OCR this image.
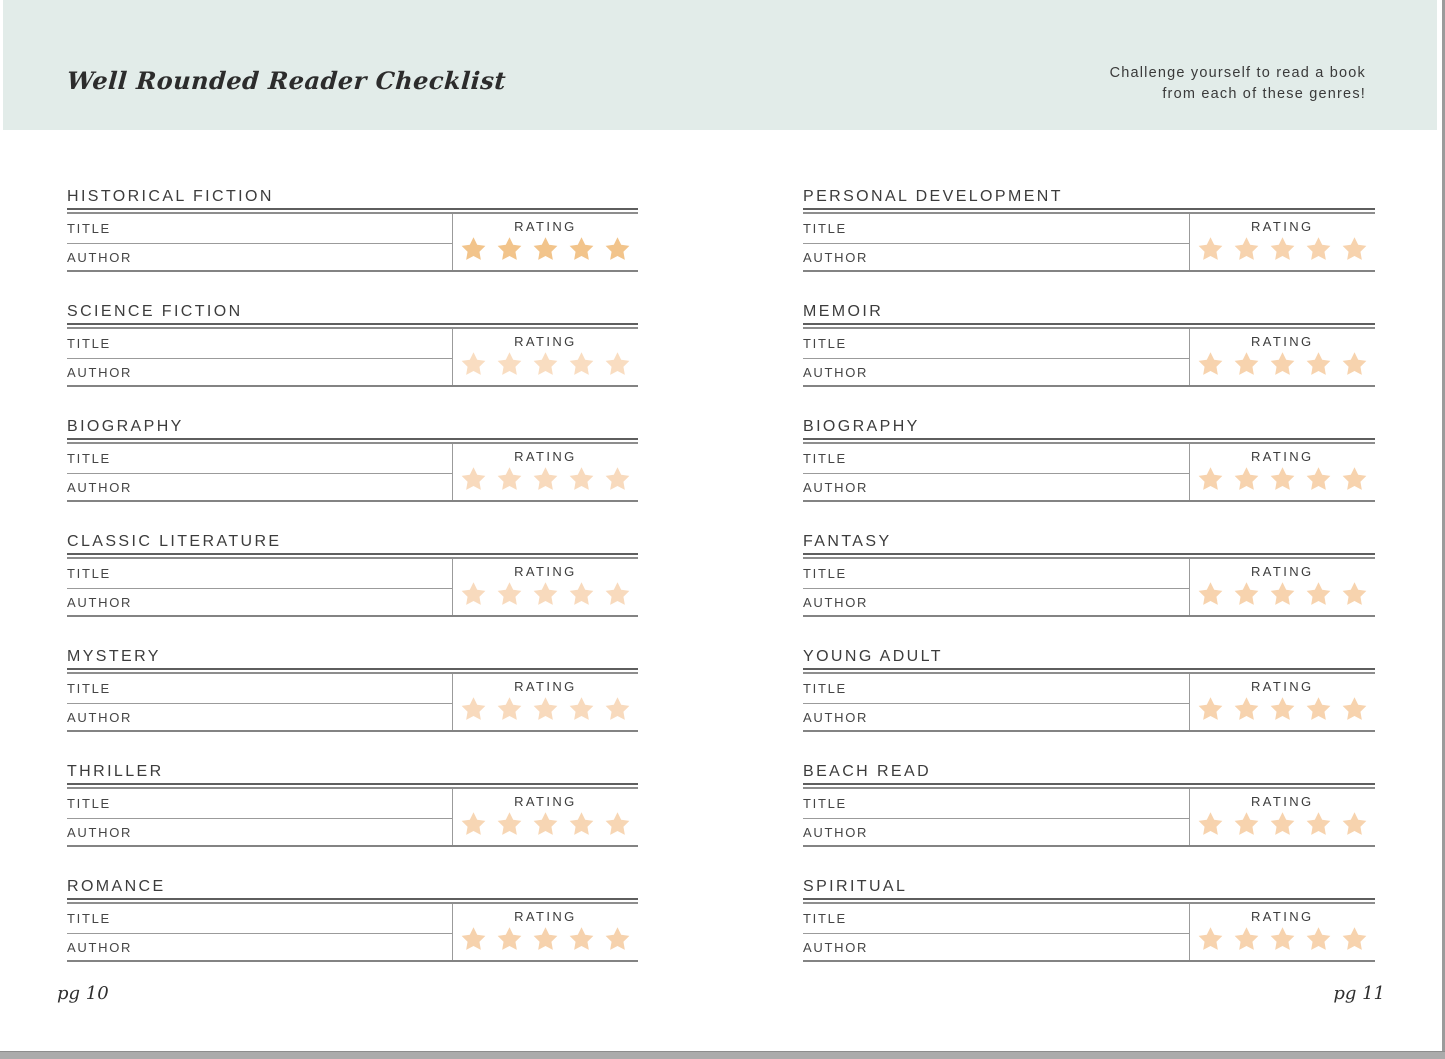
Well Rounded Reader Checklist	Challenge yourself to read a book
from each of these genres!
HISTORICAL FICTION
TITLE
AUTHOR
RATING
SCIENCE FICTION
TITLE
AUTHOR
RATING
BIOGRAPHY
TITLE
AUTHOR
RATING
CLASSIC LITERATURE
TITLE
AUTHOR
RATING
MYSTERY
TITLE
AUTHOR
RATING
THRILLER
TITLE
AUTHOR
RATING
ROMANCE
TITLE
AUTHOR
RATING
PERSONAL DEVELOPMENT
TITLE
AUTHOR
RATING
MEMOIR
TITLE
AUTHOR
RATING
BIOGRAPHY
TITLE
AUTHOR
RATING
FANTASY
TITLE
AUTHOR
RATING
YOUNG ADULT
TITLE
AUTHOR
RATING
BEACH READ
TITLE
AUTHOR
RATING
SPIRITUAL
TITLE
AUTHOR
RATING
pg 10	pg 11
